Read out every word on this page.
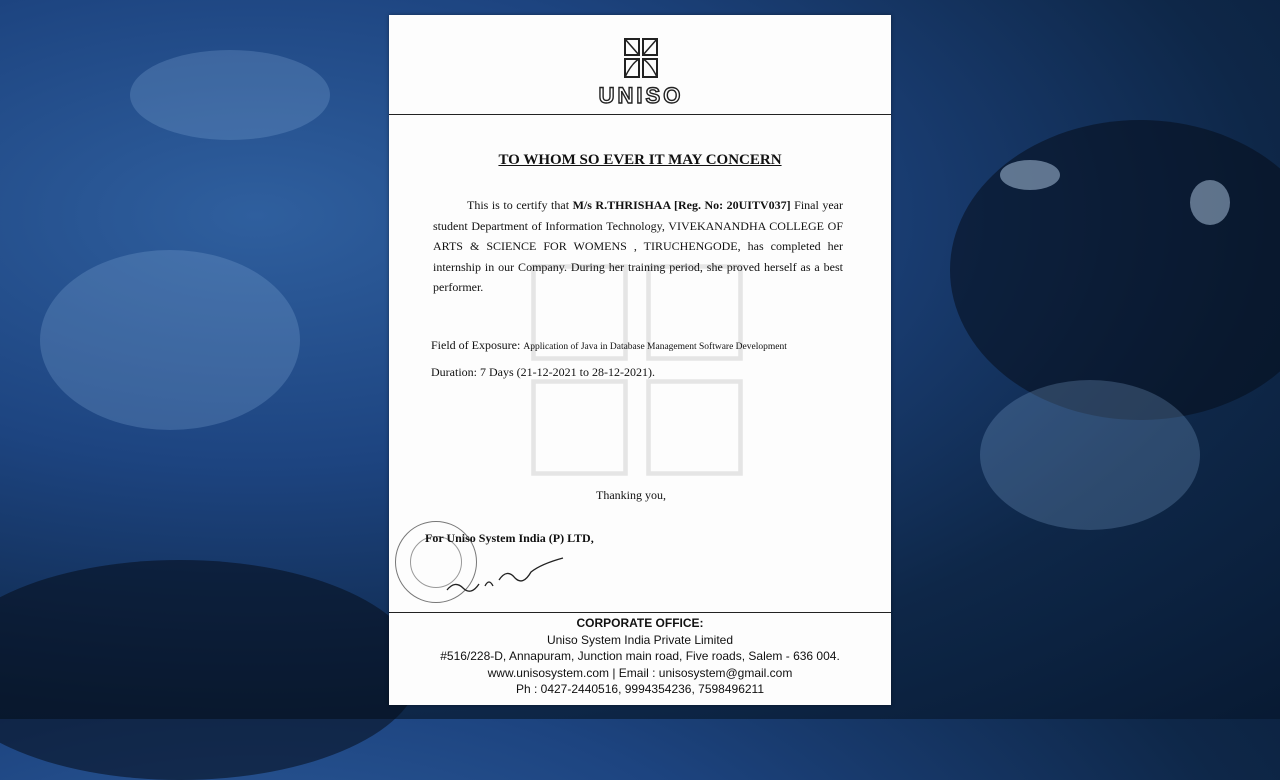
UNISO
TO WHOM SO EVER IT MAY CONCERN
This is to certify that M/s R.THRISHAA [Reg. No: 20UITV037] Final year student Department of Information Technology, VIVEKANANDHA COLLEGE OF ARTS & SCIENCE FOR WOMENS , TIRUCHENGODE, has completed her internship in our Company. During her training period, she proved herself as a best performer.
Field of Exposure: Application of Java in Database Management Software Development
Duration: 7 Days (21-12-2021 to 28-12-2021).
Thanking you,
For Uniso System India (P) LTD,
CORPORATE OFFICE:
Uniso System India Private Limited
#516/228-D, Annapuram, Junction main road, Five roads, Salem - 636 004.
www.unisosystem.com | Email : unisosystem@gmail.com
Ph : 0427-2440516, 9994354236, 7598496211
